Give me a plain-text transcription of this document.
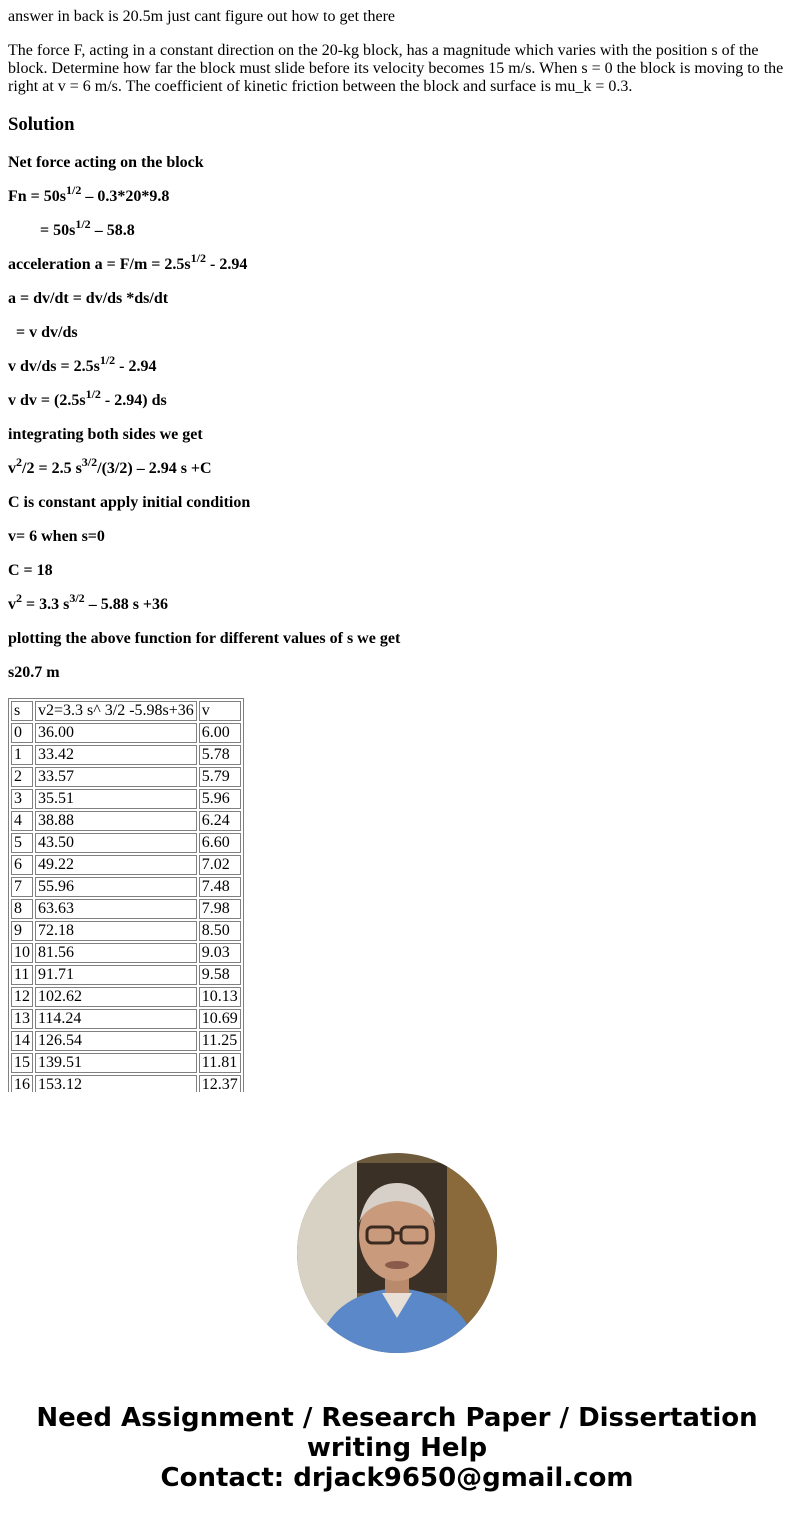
answer in back is 20.5m just cant figure out how to get there

The force F, acting in a constant direction on the 20-kg block, has a magnitude which varies with the position s of the block. Determine how far the block must slide before its velocity becomes 15 m/s. When s = 0 the block is moving to the right at v = 6 m/s. The coefficient of kinetic friction between the block and surface is mu_k = 0.3.

Solution

Net force acting on the block

$Fn = 50s^{1/2} - 0.3*20*9.8$

= $50s^{1/2} - 58.8$

acceleration $a = F/m = 2.5s^{1/2} - 2.94$

a = dv/dt = dv/ds *ds/dt

= v dv/ds

v $dv/ds = 2.5s^{1/2} - 2.94$

v dv = $(2.5s^{1/2} - 2.94)$ ds

integrating both sides we get

$v^2/2 = 2.5$ $s^{3/2}/(3/2) - 2.94$ s +C

C is constant apply initial condition

v= 6 when s=0

C = 18

$v^2 = 3.3$ $s^{3/2} - 5.88$ s +36

plotting the above function for different values of s we get

s20.7 m

s	v2=3.3 s^ 3/2 -5.98s+36	v
0	36.00	6.00
1	33.42	5.78
2	33.57	5.79
3	35.51	5.96
4	38.88	6.24
5	43.50	6.60
6	49.22	7.02
7	55.96	7.48
8	63.63	7.98
9	72.18	8.50
10	81.56	9.03
11	91.71	9.58
12	102.62	10.13
13	114.24	10.69
14	126.54	11.25
15	139.51	11.81
16	153.12	12.37
Need Assignment / Research Paper / Dissertation
writing Help
Contact: drjack9650@gmail.com
